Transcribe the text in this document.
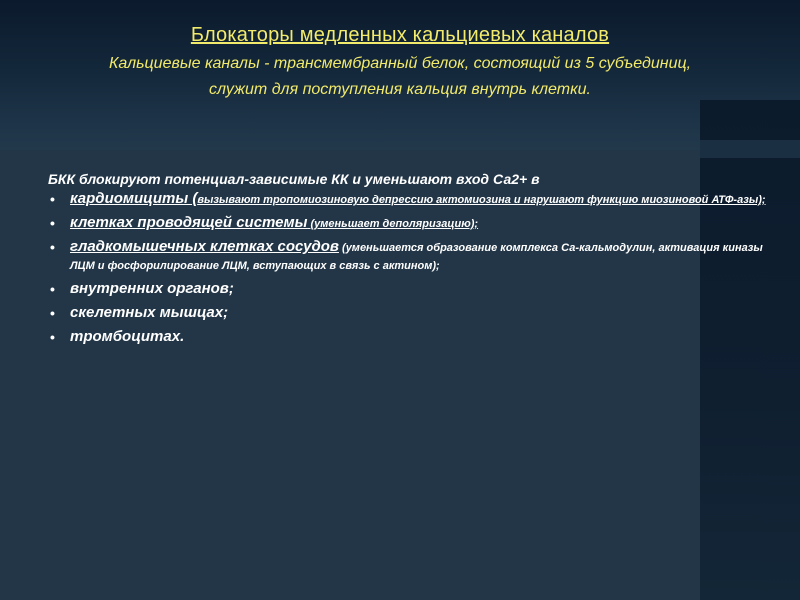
Блокаторы медленных кальциевых каналов
Кальциевые каналы - трансмембранный белок, состоящий из 5 субъединиц, служит для поступления кальция внутрь клетки.
БКК блокируют потенциал-зависимые КК и уменьшают вход Са2+ в
• кардиомициты (вызывают тропомиозиновую депрессию актомиозина и нарушают функцию миозиновой АТФ-азы);
• клетках проводящей системы (уменьшает деполяризацию);
• гладкомышечных клетках сосудов (уменьшается образование комплекса Са-кальмодулин, активация киназы ЛЦМ и фосфорилирование ЛЦМ, вступающих в связь с актином);
• внутренних органов;
• скелетных мышцах;
• тромбоцитах.
